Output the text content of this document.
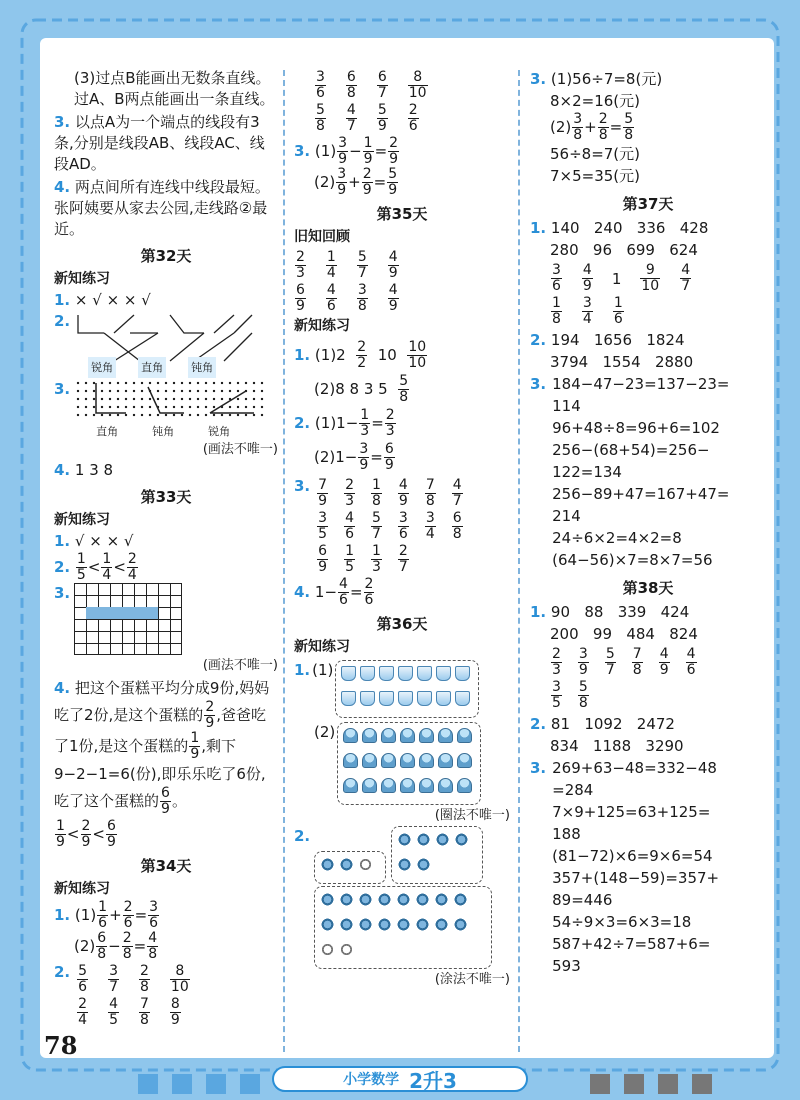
(3)过点B能画出无数条直线。过A、B两点能画出一条直线。
3. 以点A为一个端点的线段有3条,分别是线段AB、线段AC、线段AD。
4. 两点间所有连线中线段最短。张阿姨要从家去公园,走线路②最近。
第32天
新知练习
1. × √ × × √
2.
锐角	直角	钝角
3.
直角	钝角	锐角
(画法不唯一)
4. 1 3 8
第33天
新知练习
1. √ × × √
2. $\frac{1}{5} < \frac{1}{4} < \frac{2}{4}$
3.
(画法不唯一)
4. 把这个蛋糕平均分成9份,妈妈吃了2份,是这个蛋糕的 $\frac{2}{9}$ ,爸爸吃了1份,是这个蛋糕的 $\frac{1}{9}$ ,剩下9−2−1=6(份),即乐乐吃了6份,吃了这个蛋糕的 $\frac{6}{9}$ 。
$\frac{1}{9} < \frac{2}{9} < \frac{6}{9}$
第34天
新知练习
1. $(1) \frac{1}{6} + \frac{2}{6} = \frac{3}{6}$
$(2) \frac{6}{8} - \frac{2}{8} = \frac{4}{8}$
2. $\frac{5}{6} \frac{3}{7} \frac{2}{8} \frac{8}{10}$
$\frac{2}{4} \frac{4}{5} \frac{7}{8} \frac{8}{9}$
$\frac{3}{6} \frac{6}{8} \frac{6}{7} \frac{8}{10}$
$\frac{5}{8} \frac{4}{7} \frac{5}{9} \frac{2}{6}$
3. $(1) \frac{3}{9} - \frac{1}{9} = \frac{2}{9}$
$(2) \frac{3}{9} + \frac{2}{9} = \frac{5}{9}$
第35天
旧知回顾
$\frac{2}{3} \frac{1}{4} \frac{5}{7} \frac{4}{9}$
$\frac{6}{9} \frac{4}{6} \frac{3}{8} \frac{4}{9}$
新知练习
1. $(1)2 \frac{2}{2} 10 \frac{10}{10}$
(2)8 8 3 $5 \frac{5}{8}$
2. $(1)1- \frac{1}{3} = \frac{2}{3}$
$(2)1- \frac{3}{9} = \frac{6}{9}$
3. $\frac{7}{9} \frac{2}{3} \frac{1}{8} \frac{4}{9} \frac{7}{8} \frac{4}{7}$
$\frac{3}{5} \frac{4}{6} \frac{5}{7} \frac{3}{6} \frac{3}{4} \frac{6}{8}$
$\frac{6}{9} \frac{1}{5} \frac{1}{3} \frac{2}{7}$
4. $1- \frac{4}{6} = \frac{2}{6}$
第36天
新知练习
1. (1)
(2)
(圈法不唯一)
2.

(涂法不唯一)
3. (1)56÷7=8(元)
8×2=16(元)
$(2) \frac{3}{8} + \frac{2}{8} = \frac{5}{8}$
56÷8=7(元)
7×5=35(元)
第37天
1. 140   240   336   428
280   96   699   624
$\frac{3}{6} \frac{4}{9} 1 \frac{9}{10} \frac{4}{7}$
$\frac{1}{8} \frac{3}{4} \frac{1}{6}$
2. 194   1656   1824
3794   1554   2880
3. 184−47−23=137−23=
114
96+48÷8=96+6=102
256−(68+54)=256−
122=134
256−89+47=167+47=
214
24÷6×2=4×2=8
(64−56)×7=8×7=56
第38天
1. 90   88   339   424
200   99   484   824
$\frac{2}{3} \frac{3}{9} \frac{5}{7} \frac{7}{8} \frac{4}{9} \frac{4}{6}$
$\frac{3}{5} \frac{5}{8}$
2. 81   1092   2472
834   1188   3290
3. 269+63−48=332−48
=284
7×9+125=63+125=
188
(81−72)×6=9×6=54
357+(148−59)=357+
89=446
54÷9×3=6×3=18
587+42÷7=587+6=
593
78
小学数学 2升3
